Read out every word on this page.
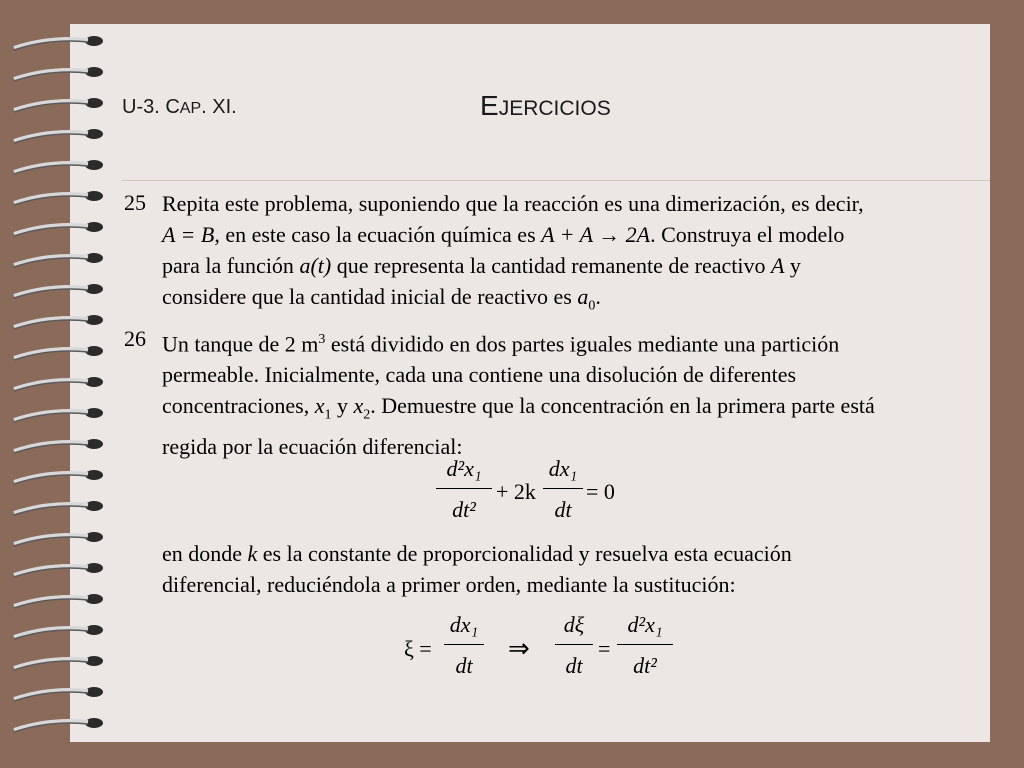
U-3. CAP. XI.	EJERCICIOS
25 Repita este problema, suponiendo que la reacción es una dimerización, es decir,
A = B, en este caso la ecuación química es A + A → 2A. Construya el modelo
para la función a(t) que representa la cantidad remanente de reactivo A y
considere que la cantidad inicial de reactivo es $a_0$.
26 Un tanque de 2 $m^3$ está dividido en dos partes iguales mediante una partición
permeable. Inicialmente, cada una contiene una disolución de diferentes
concentraciones, $x_1$ y $x_2$. Demuestre que la concentración en la primera parte está
regida por la ecuación diferencial:
$\frac{\text{d²x₁}}{\text{dt²}} + 2k \frac{\text{dx₁}}{dt} = 0$
en donde k es la constante de proporcionalidad y resuelva esta ecuación
diferencial, reduciéndola a primer orden, mediante la sustitución:
$\xi = \frac{\text{dx₁}}{dt}$ ⇒ $\frac{d\xi}{dt} = \frac{\text{d²x₁}}{\text{dt²}}$
